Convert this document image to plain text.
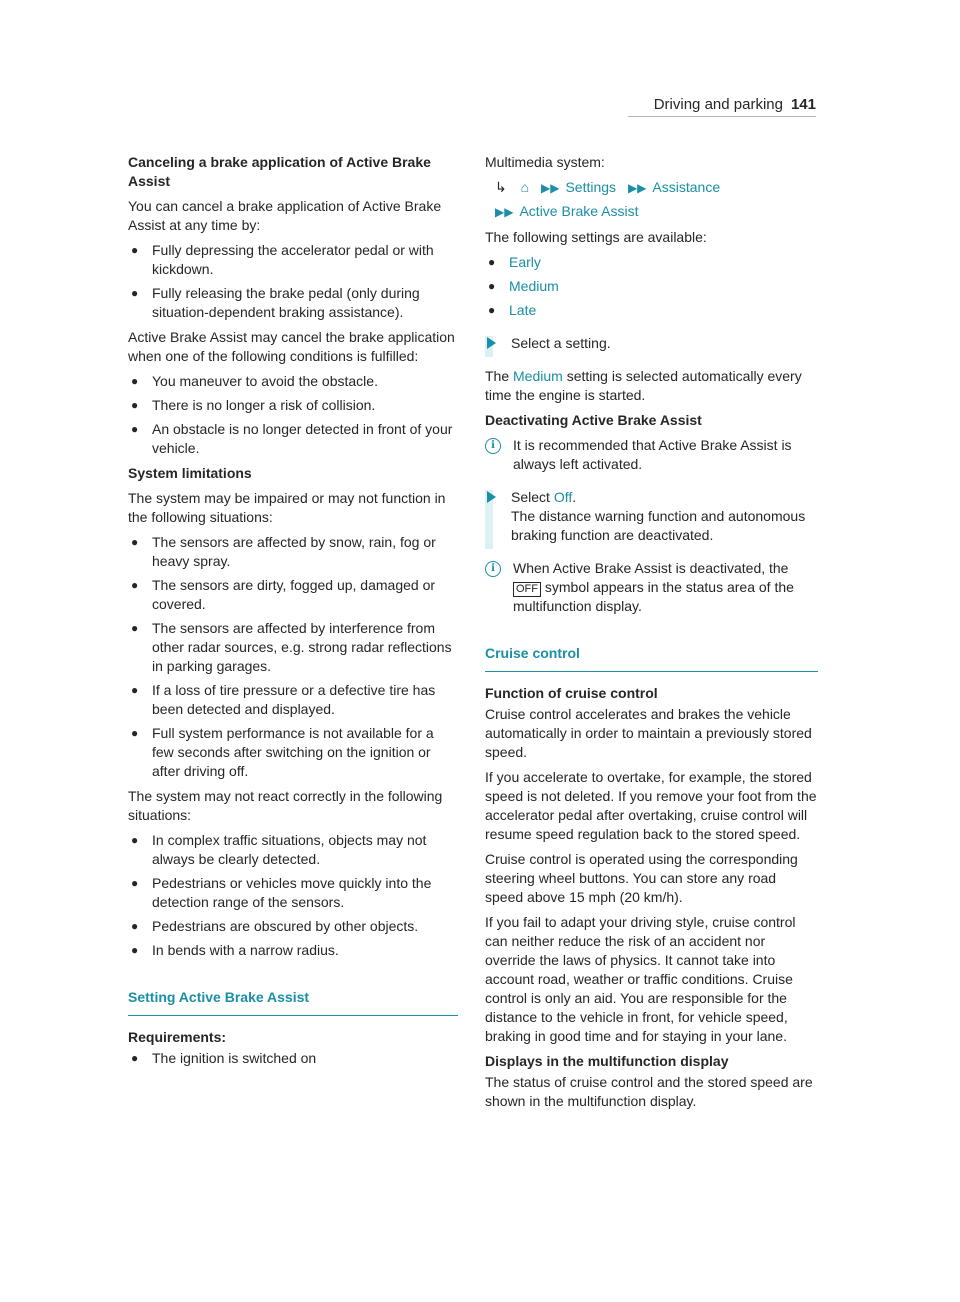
Driving and parking 141
Canceling a brake application of Active Brake Assist

You can cancel a brake application of Active Brake Assist at any time by:

● Fully depressing the accelerator pedal or with kickdown.
● Fully releasing the brake pedal (only during situation-dependent braking assistance).

Active Brake Assist may cancel the brake application when one of the following conditions is fulfilled:

● You maneuver to avoid the obstacle.
● There is no longer a risk of collision.
● An obstacle is no longer detected in front of your vehicle.
System limitations

The system may be impaired or may not function in the following situations:

● The sensors are affected by snow, rain, fog or heavy spray.
● The sensors are dirty, fogged up, damaged or covered.
● The sensors are affected by interference from other radar sources, e.g. strong radar reflections in parking garages.
● If a loss of tire pressure or a defective tire has been detected and displayed.
● Full system performance is not available for a few seconds after switching on the ignition or after driving off.

The system may not react correctly in the following situations:

● In complex traffic situations, objects may not always be clearly detected.
● Pedestrians or vehicles move quickly into the detection range of the sensors.
● Pedestrians are obscured by other objects.
● In bends with a narrow radius.
Setting Active Brake Assist
Requirements:
● The ignition is switched on

Multimedia system:

↳ ⌂ ▶▶ Settings ▶▶ Assistance
▶▶ Active Brake Assist

The following settings are available:

● Early
● Medium
● Late
Select a setting.

The Medium setting is selected automatically every time the engine is started.

Deactivating Active Brake Assist
i	It is recommended that Active Brake Assist is always left activated.
Select Off.
The distance warning function and autonomous braking function are deactivated.
i	When Active Brake Assist is deactivated, the OFF symbol appears in the status area of the multifunction display.
Cruise control
Function of cruise control

Cruise control accelerates and brakes the vehicle automatically in order to maintain a previously stored speed.

If you accelerate to overtake, for example, the stored speed is not deleted. If you remove your foot from the accelerator pedal after overtaking, cruise control will resume speed regulation back to the stored speed.

Cruise control is operated using the corresponding steering wheel buttons. You can store any road speed above 15 mph (20 km/h).

If you fail to adapt your driving style, cruise control can neither reduce the risk of an accident nor override the laws of physics. It cannot take into account road, weather or traffic conditions. Cruise control is only an aid. You are responsible for the distance to the vehicle in front, for vehicle speed, braking in good time and for staying in your lane.

Displays in the multifunction display

The status of cruise control and the stored speed are shown in the multifunction display.
